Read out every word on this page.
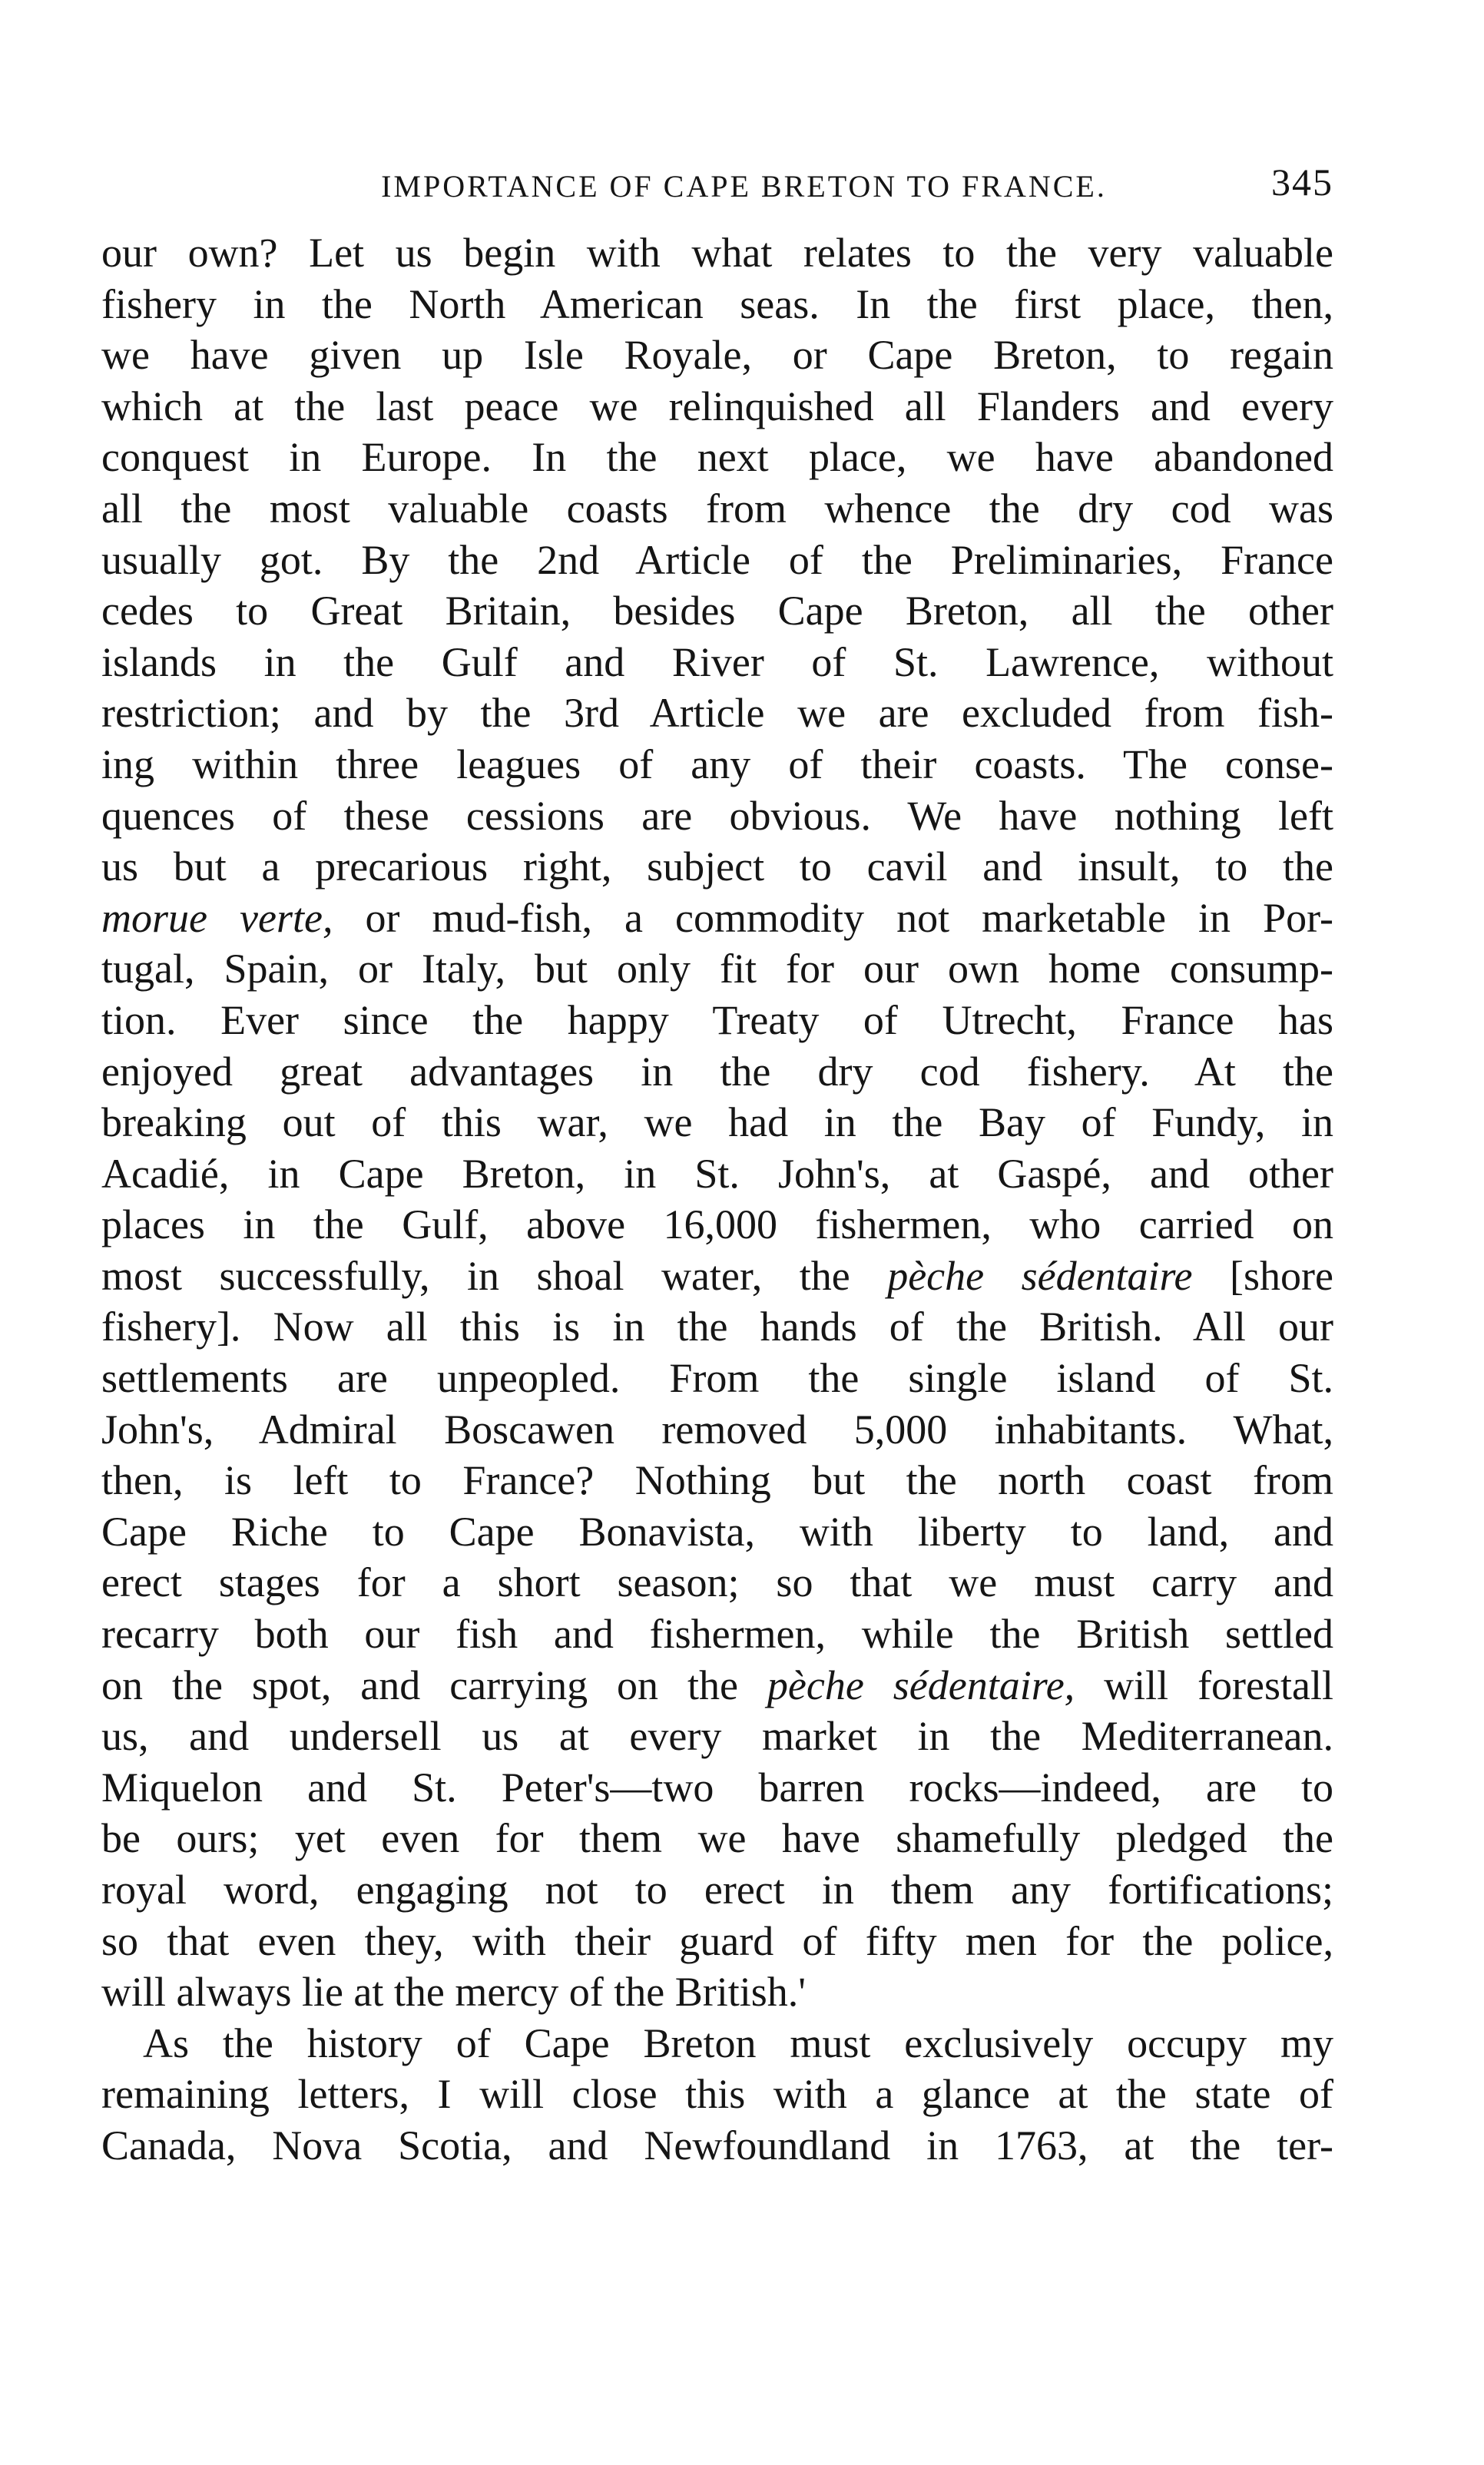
IMPORTANCE OF CAPE BRETON TO FRANCE.	345
our own? Let us begin with what relates to the very valuable
fishery in the North American seas. In the first place, then,
we have given up Isle Royale, or Cape Breton, to regain
which at the last peace we relinquished all Flanders and every
conquest in Europe. In the next place, we have abandoned
all the most valuable coasts from whence the dry cod was
usually got. By the 2nd Article of the Preliminaries, France
cedes to Great Britain, besides Cape Breton, all the other
islands in the Gulf and River of St. Lawrence, without
restriction; and by the 3rd Article we are excluded from fish-
ing within three leagues of any of their coasts. The conse-
quences of these cessions are obvious. We have nothing left
us but a precarious right, subject to cavil and insult, to the
morue verte, or mud-fish, a commodity not marketable in Por-
tugal, Spain, or Italy, but only fit for our own home consump-
tion. Ever since the happy Treaty of Utrecht, France has
enjoyed great advantages in the dry cod fishery. At the
breaking out of this war, we had in the Bay of Fundy, in
Acadié, in Cape Breton, in St. John's, at Gaspé, and other
places in the Gulf, above 16,000 fishermen, who carried on
most successfully, in shoal water, the pèche sédentaire [shore
fishery]. Now all this is in the hands of the British. All our
settlements are unpeopled. From the single island of St.
John's, Admiral Boscawen removed 5,000 inhabitants. What,
then, is left to France? Nothing but the north coast from
Cape Riche to Cape Bonavista, with liberty to land, and
erect stages for a short season; so that we must carry and
recarry both our fish and fishermen, while the British settled
on the spot, and carrying on the pèche sédentaire, will forestall
us, and undersell us at every market in the Mediterranean.
Miquelon and St. Peter's—two barren rocks—indeed, are to
be ours; yet even for them we have shamefully pledged the
royal word, engaging not to erect in them any fortifications;
so that even they, with their guard of fifty men for the police,
will always lie at the mercy of the British.'
As the history of Cape Breton must exclusively occupy my
remaining letters, I will close this with a glance at the state of
Canada, Nova Scotia, and Newfoundland in 1763, at the ter-
